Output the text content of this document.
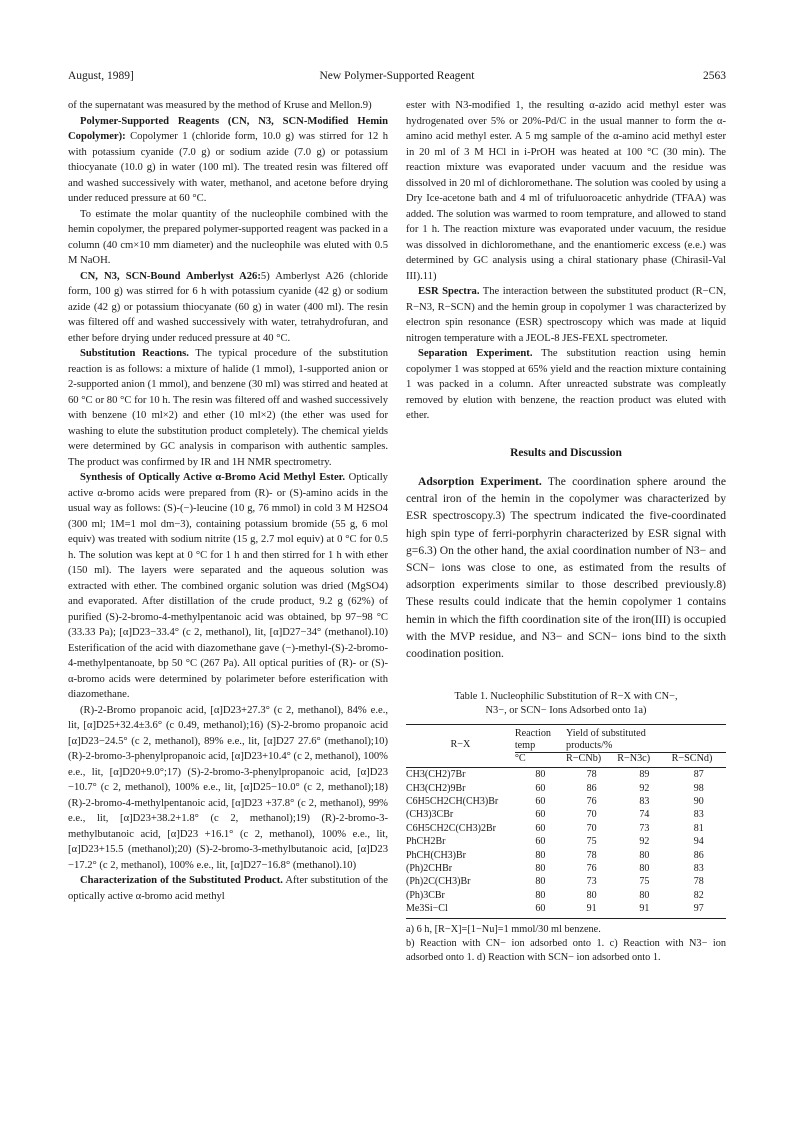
August, 1989]	New Polymer-Supported Reagent	2563

of the supernatant was measured by the method of Kruse and Mellon.9)

Polymer-Supported Reagents (CN, N3, SCN-Modified Hemin Copolymer): Copolymer 1 (chloride form, 10.0 g) was stirred for 12 h with potassium cyanide (7.0 g) or sodium azide (7.0 g) or potassium thiocyanate (10.0 g) in water (100 ml). The treated resin was filtered off and washed successively with water, methanol, and acetone before drying under reduced pressure at 60 °C.

To estimate the molar quantity of the nucleophile combined with the hemin copolymer, the prepared polymer-supported reagent was packed in a column (40 cm×10 mm diameter) and the nucleophile was eluted with 0.5 M NaOH.

CN, N3, SCN-Bound Amberlyst A26:5) Amberlyst A26 (chloride form, 100 g) was stirred for 6 h with potassium cyanide (42 g) or sodium azide (42 g) or potassium thiocyanate (60 g) in water (400 ml). The resin was filtered off and washed successively with water, tetrahydrofuran, and ether before drying under reduced pressure at 40 °C.

Substitution Reactions. The typical procedure of the substitution reaction is as follows: a mixture of halide (1 mmol), 1-supported anion or 2-supported anion (1 mmol), and benzene (30 ml) was stirred and heated at 60 °C or 80 °C for 10 h. The resin was filtered off and washed successively with benzene (10 ml×2) and ether (10 ml×2) (the ether was used for washing to elute the substitution product completely). The chemical yields were determined by GC analysis in comparison with authentic samples. The product was confirmed by IR and 1H NMR spectrometry.

Synthesis of Optically Active α-Bromo Acid Methyl Ester. Optically active α-bromo acids were prepared from (R)- or (S)-amino acids in the usual way as follows: (S)-(−)-leucine (10 g, 76 mmol) in cold 3 M H2SO4 (300 ml; 1M=1 mol dm−3), containing potassium bromide (55 g, 6 mol equiv) was treated with sodium nitrite (15 g, 2.7 mol equiv) at 0 °C for 0.5 h. The solution was kept at 0 °C for 1 h and then stirred for 1 h with ether (150 ml). The layers were separated and the aqueous solution was extracted with ether. The combined organic solution was dried (MgSO4) and evaporated. After distillation of the crude product, 9.2 g (62%) of purified (S)-2-bromo-4-methylpentanoic acid was obtained, bp 97−98 °C (33.33 Pa); [α]D23−33.4° (c 2, methanol), lit, [α]D27−34° (methanol).10) Esterification of the acid with diazomethane gave (−)-methyl-(S)-2-bromo-4-methylpentanoate, bp 50 °C (267 Pa). All optical purities of (R)- or (S)-α-bromo acids were determined by polarimeter before esterification with diazomethane.

(R)-2-Bromo propanoic acid, [α]D23+27.3° (c 2, methanol), 84% e.e., lit, [α]D25+32.4±3.6° (c 0.49, methanol);16) (S)-2-bromo propanoic acid [α]D23−24.5° (c 2, methanol), 89% e.e., lit, [α]D27 27.6° (methanol);10) (R)-2-bromo-3-phenylpropanoic acid, [α]D23+10.4° (c 2, methanol), 100% e.e., lit, [α]D20+9.0°;17) (S)-2-bromo-3-phenylpropanoic acid, [α]D23 −10.7° (c 2, methanol), 100% e.e., lit, [α]D25−10.0° (c 2, methanol);18) (R)-2-bromo-4-methylpentanoic acid, [α]D23 +37.8° (c 2, methanol), 99% e.e., lit, [α]D23+38.2+1.8° (c 2, methanol);19) (R)-2-bromo-3-methylbutanoic acid, [α]D23 +16.1° (c 2, methanol), 100% e.e., lit, [α]D23+15.5 (methanol);20) (S)-2-bromo-3-methylbutanoic acid, [α]D23 −17.2° (c 2, methanol), 100% e.e., lit, [α]D27−16.8° (methanol).10)

Characterization of the Substituted Product. After substitution of the optically active α-bromo acid methyl

ester with N3-modified 1, the resulting α-azido acid methyl ester was hydrogenated over 5% or 20%-Pd/C in the usual manner to form the α-amino acid methyl ester. A 5 mg sample of the α-amino acid methyl ester in 20 ml of 3 M HCl in i-PrOH was heated at 100 °C (30 min). The reaction mixture was evaporated under vacuum and the residue was dissolved in 20 ml of dichloromethane. The solution was cooled by using a Dry Ice-acetone bath and 4 ml of trifuluoroacetic anhydride (TFAA) was added. The solution was warmed to room temprature, and allowed to stand for 1 h. The reaction mixture was evaporated under vacuum, the residue was dissolved in dichloromethane, and the enantiomeric excess (e.e.) was determined by GC analysis using a chiral stationary phase (Chirasil-Val III).11)

ESR Spectra. The interaction between the substituted product (R−CN, R−N3, R−SCN) and the hemin group in copolymer 1 was characterized by electron spin resonance (ESR) spectroscopy which was made at liquid nitrogen temperature with a JEOL-8 JES-FEXL spectrometer.

Separation Experiment. The substitution reaction using hemin copolymer 1 was stopped at 65% yield and the reaction mixture containing 1 was packed in a column. After unreacted substrate was compleatly removed by elution with benzene, the reaction product was eluted with ether.

Results and Discussion

Adsorption Experiment. The coordination sphere around the central iron of the hemin in the copolymer was characterized by ESR spectroscopy.3) The spectrum indicated the five-coordinated high spin type of ferri-porphyrin characterized by ESR signal with g=6.3) On the other hand, the axial coordination number of N3− and SCN− ions was close to one, as estimated from the results of adsorption experiments similar to those described previously.8) These results could indicate that the hemin copolymer 1 contains hemin in which the fifth coordination site of the iron(III) is occupied with the MVP residue, and N3− and SCN− ions bind to the sixth coodination position.

Table 1. Nucleophilic Substitution of R−X with CN−,
N3−, or SCN− Ions Adsorbed onto 1a)
R−X	Reaction	Yield of substituted		
	temp	products/%		
	°C	R−CNb)	R−N3c)	R−SCNd)

CH3(CH2)7Br	80	78	89	87
CH3(CH2)9Br	60	86	92	98
C6H5CH2CH(CH3)Br	60	76	83	90
(CH3)3CBr	60	70	74	83
C6H5CH2C(CH3)2Br	60	70	73	81
PhCH2Br	60	75	92	94
PhCH(CH3)Br	80	78	80	86
(Ph)2CHBr	80	76	80	83
(Ph)2C(CH3)Br	80	73	75	78
(Ph)3CBr	80	80	80	82
Me3Si−Cl	60	91	91	97

a) 6 h, [R−X]=[1−Nu]=1 mmol/30 ml benzene.

b) Reaction with CN− ion adsorbed onto 1. c) Reaction with N3− ion adsorbed onto 1. d) Reaction with SCN− ion adsorbed onto 1.
